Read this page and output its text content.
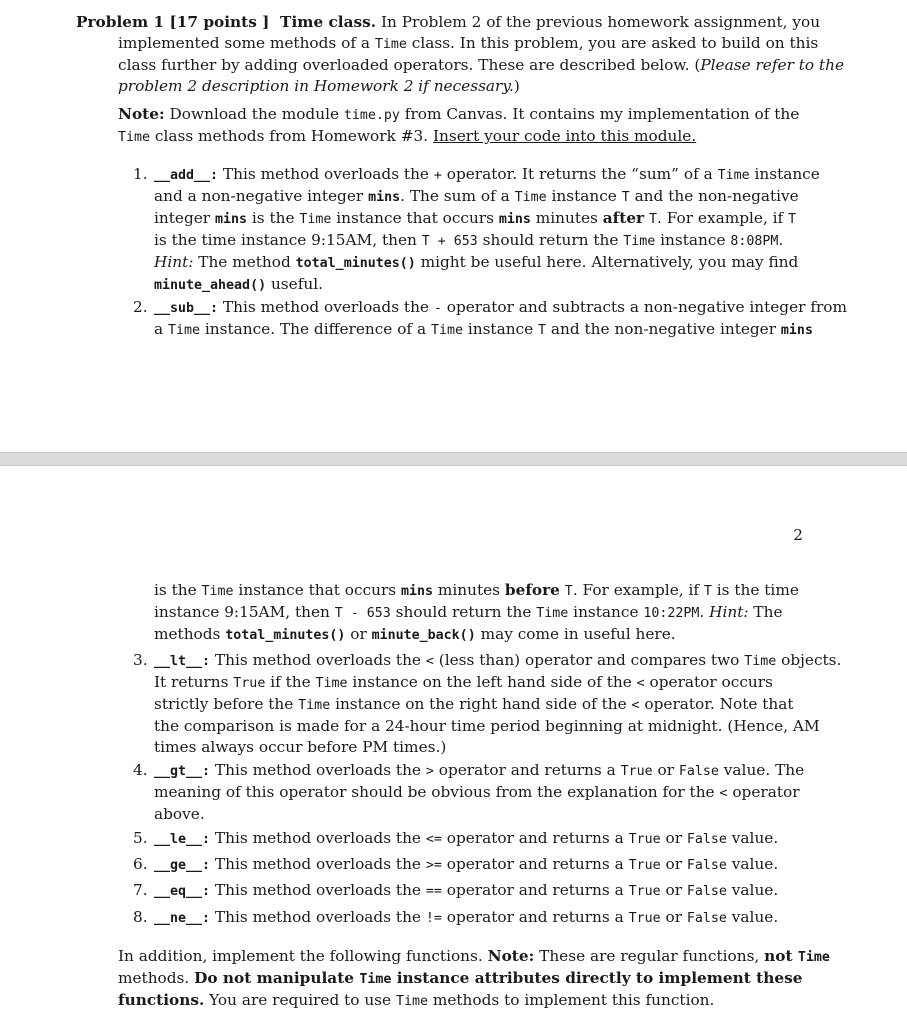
Problem 1 [17 points ]  Time class. In Problem 2 of the previous homework assignment, you
implemented some methods of a Time class. In this problem, you are asked to build on this
class further by adding overloaded operators. These are described below. (Please refer to the
problem 2 description in Homework 2 if necessary.)
Note: Download the module time.py from Canvas. It contains my implementation of the
Time class methods from Homework #3. Insert your code into this module.
1. __add__: This method overloads the + operator. It returns the “sum” of a Time instance
and a non-negative integer mins. The sum of a Time instance T and the non-negative
integer mins is the Time instance that occurs mins minutes after T. For example, if T
is the time instance 9:15AM, then T + 653 should return the Time instance 8:08PM.
Hint: The method total_minutes() might be useful here. Alternatively, you may find
minute_ahead() useful.
2. __sub__: This method overloads the - operator and subtracts a non-negative integer from
a Time instance. The difference of a Time instance T and the non-negative integer mins
2
is the Time instance that occurs mins minutes before T. For example, if T is the time
instance 9:15AM, then T - 653 should return the Time instance 10:22PM. Hint: The
methods total_minutes() or minute_back() may come in useful here.
3. __lt__: This method overloads the < (less than) operator and compares two Time objects.
It returns True if the Time instance on the left hand side of the < operator occurs
strictly before the Time instance on the right hand side of the < operator. Note that
the comparison is made for a 24-hour time period beginning at midnight. (Hence, AM
times always occur before PM times.)
4. __gt__: This method overloads the > operator and returns a True or False value. The
meaning of this operator should be obvious from the explanation for the < operator
above.
5. __le__: This method overloads the <= operator and returns a True or False value.
6. __ge__: This method overloads the >= operator and returns a True or False value.
7. __eq__: This method overloads the == operator and returns a True or False value.
8. __ne__: This method overloads the != operator and returns a True or False value.
In addition, implement the following functions. Note: These are regular functions, not Time
methods. Do not manipulate Time instance attributes directly to implement these
functions. You are required to use Time methods to implement this function.
